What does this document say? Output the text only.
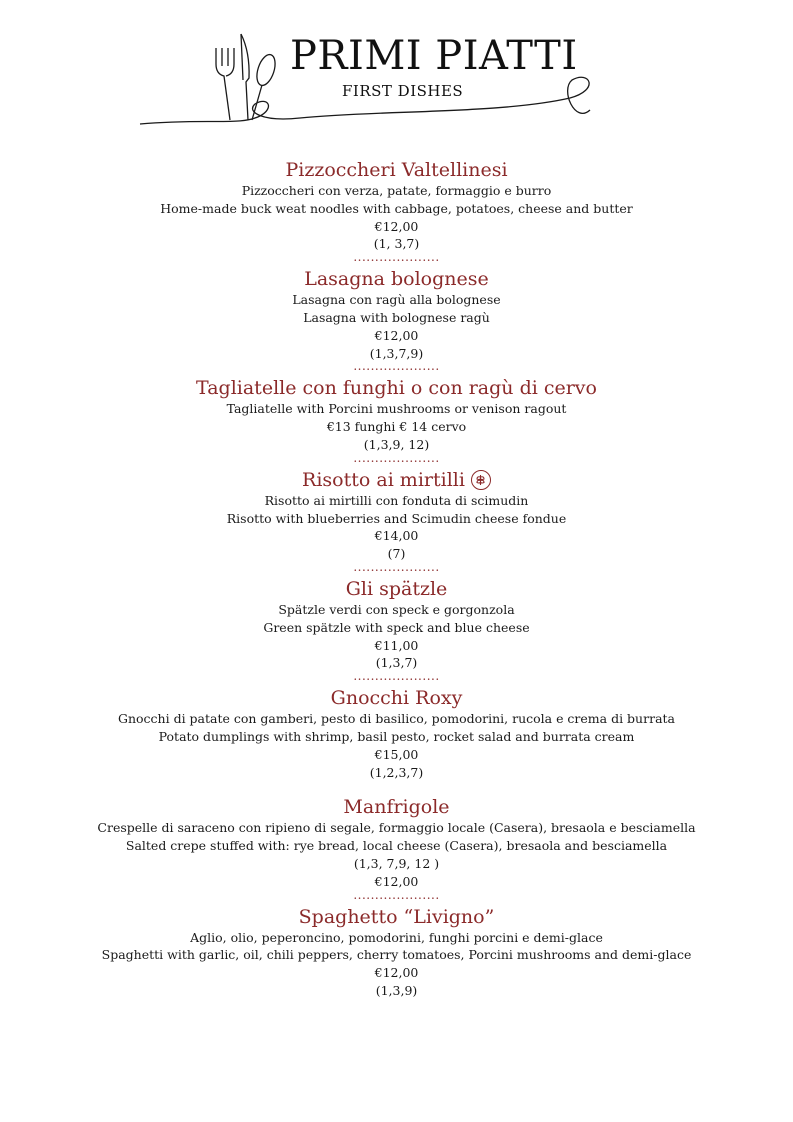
PRIMI PIATTI
FIRST DISHES
Pizzoccheri Valtellinesi
Pizzoccheri con verza, patate, formaggio e burro
Home-made buck weat noodles with cabbage, potatoes, cheese and butter
€12,00
(1, 3,7)
....................
Lasagna bolognese
Lasagna con ragù alla bolognese
Lasagna with bolognese ragù
€12,00
(1,3,7,9)
....................
Tagliatelle con funghi o con ragù di cervo
Tagliatelle with Porcini mushrooms or venison ragout
€13 funghi € 14 cervo
(1,3,9, 12)
....................
Risotto ai mirtilli
Risotto ai mirtilli con fonduta di scimudin
Risotto with blueberries and Scimudin cheese fondue
€14,00
(7)
....................
Gli spätzle
Spätzle verdi con speck e gorgonzola
Green spätzle with speck and blue cheese
€11,00
(1,3,7)
....................
Gnocchi Roxy
Gnocchi di patate con gamberi, pesto di basilico, pomodorini, rucola e crema di burrata
Potato dumplings with shrimp, basil pesto, rocket salad and burrata cream
€15,00
(1,2,3,7)
Manfrigole
Crespelle di saraceno con ripieno di segale, formaggio locale (Casera), bresaola e besciamella
Salted crepe stuffed with: rye bread, local cheese (Casera), bresaola and besciamella
(1,3, 7,9, 12 )
€12,00
....................
Spaghetto “Livigno”
Aglio, olio, peperoncino, pomodorini, funghi porcini e demi-glace
Spaghetti with garlic, oil, chili peppers, cherry tomatoes, Porcini mushrooms and demi-glace
€12,00
(1,3,9)
